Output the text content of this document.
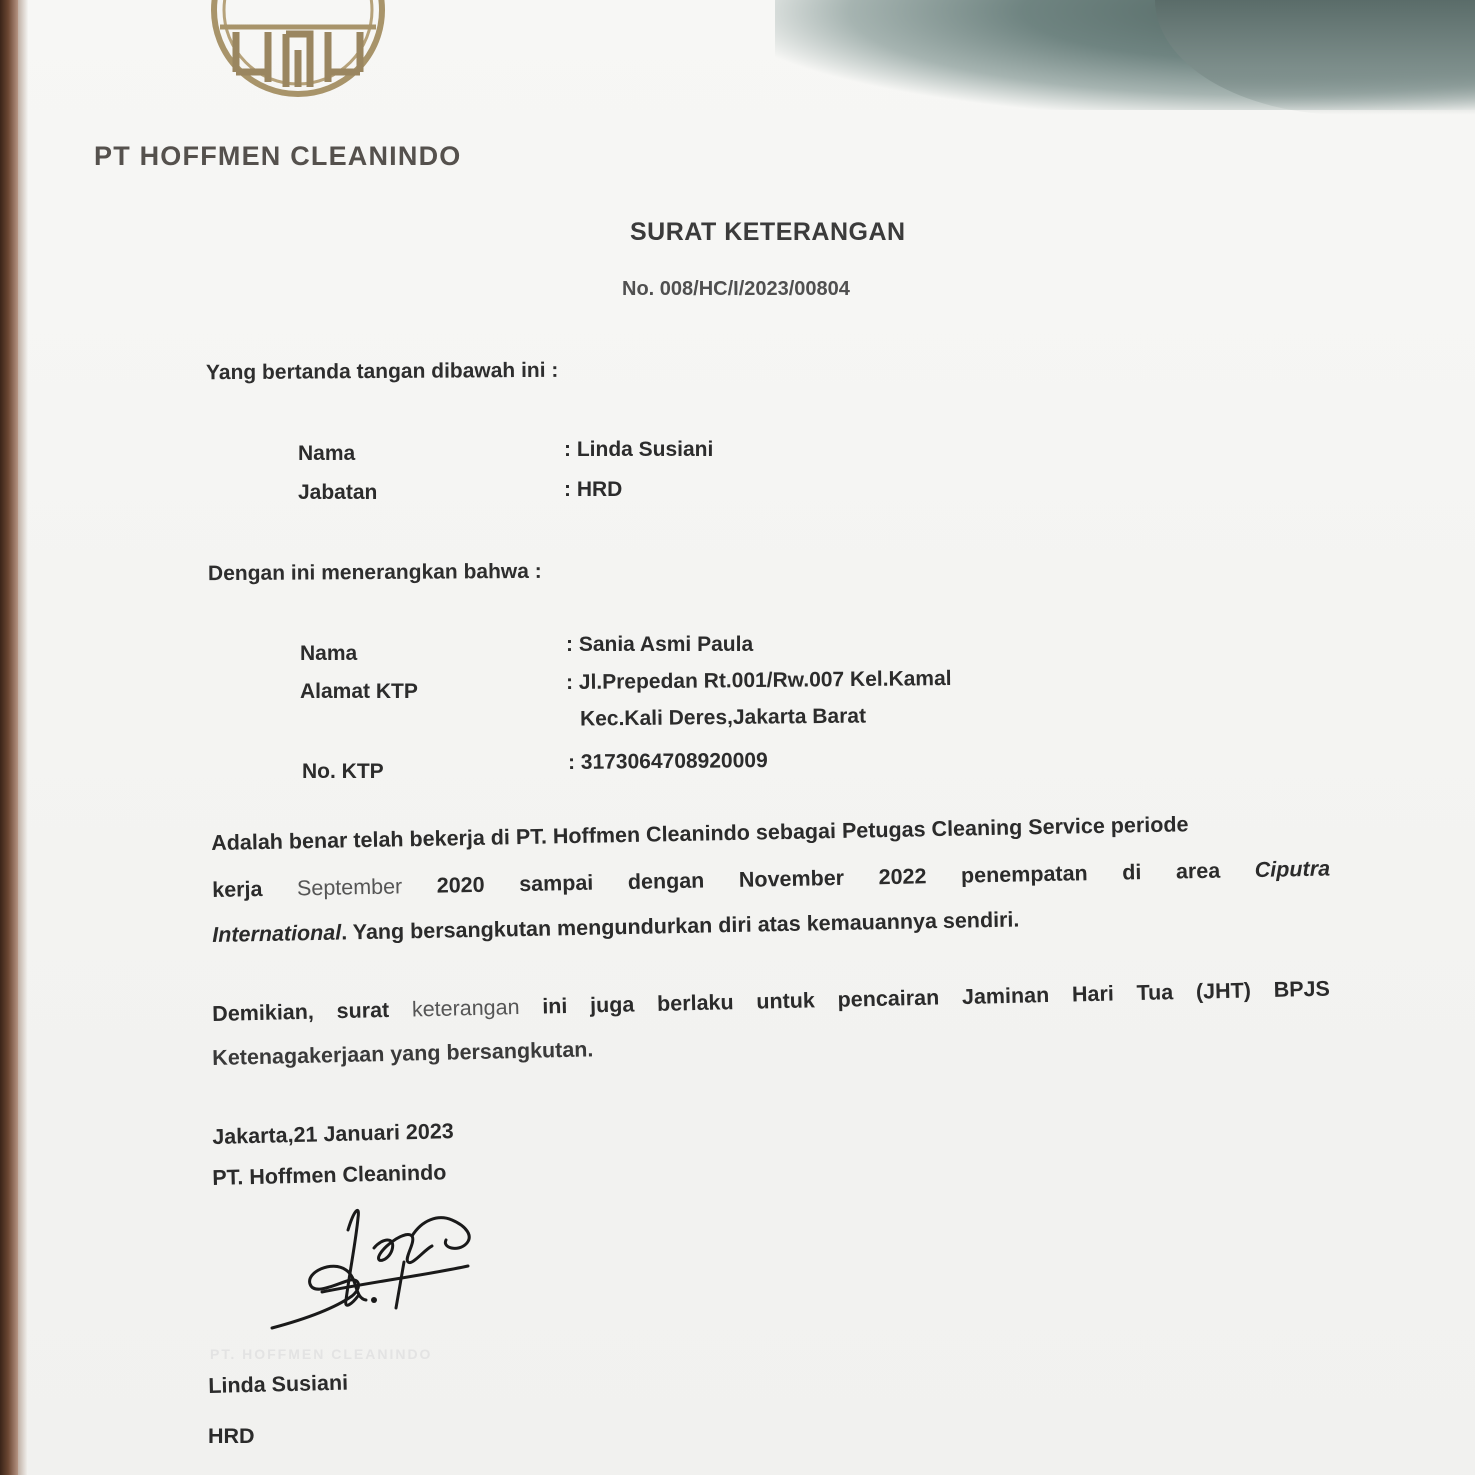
PT HOFFMEN CLEANINDO
SURAT KETERANGAN
No. 008/HC/I/2023/00804
Yang bertanda tangan dibawah ini :
Nama	: Linda Susiani
Jabatan	: HRD
Dengan ini menerangkan bahwa :
Nama	: Sania Asmi Paula
Alamat KTP	: Jl.Prepedan Rt.001/Rw.007 Kel.Kamal
Kec.Kali Deres,Jakarta Barat
No. KTP	: 3173064708920009
Adalah benar telah bekerja di PT. Hoffmen Cleanindo sebagai Petugas Cleaning Service periode
kerja September 2020 sampai dengan November 2022 penempatan di area Ciputra
International. Yang bersangkutan mengundurkan diri atas kemauannya sendiri.
Demikian, surat keterangan ini juga berlaku untuk pencairan Jaminan Hari Tua (JHT) BPJS
Ketenagakerjaan yang bersangkutan.
Jakarta,21 Januari 2023
PT. Hoffmen Cleanindo
PT. HOFFMEN CLEANINDO
Linda Susiani
HRD
